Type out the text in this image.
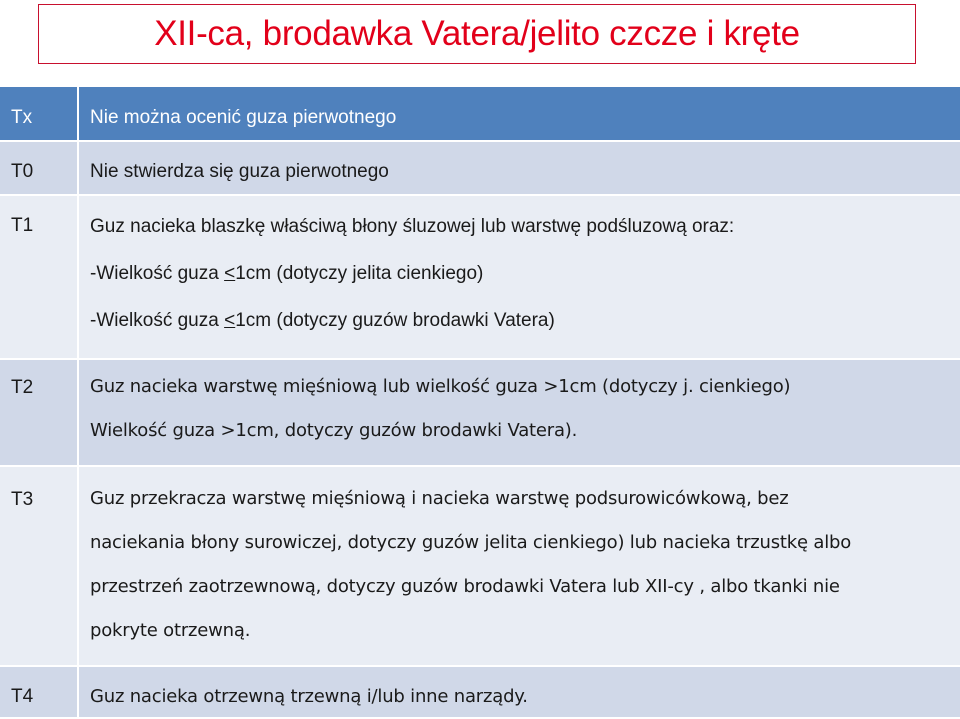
XII-ca, brodawka Vatera/jelito czcze i kręte
Tx	Nie można ocenić guza pierwotnego

T0	Nie stwierdza się guza pierwotnego

T1	Guz nacieka blaszkę właściwą błony śluzowej lub warstwę podśluzową oraz:
-Wielkość guza ≤1cm (dotyczy jelita cienkiego)
-Wielkość guza ≤1cm (dotyczy guzów brodawki Vatera)

T2	Guz nacieka warstwę mięśniową lub wielkość guza >1cm (dotyczy j. cienkiego)
Wielkość guza >1cm, dotyczy guzów brodawki Vatera).

T3	Guz przekracza warstwę mięśniową i nacieka warstwę podsurowicówkową, bez
naciekania błony surowiczej, dotyczy guzów jelita cienkiego) lub nacieka trzustkę albo
przestrzeń zaotrzewnową, dotyczy guzów brodawki Vatera lub XII-cy , albo tkanki nie
pokryte otrzewną.

T4	Guz nacieka otrzewną trzewną i/lub inne narządy.
